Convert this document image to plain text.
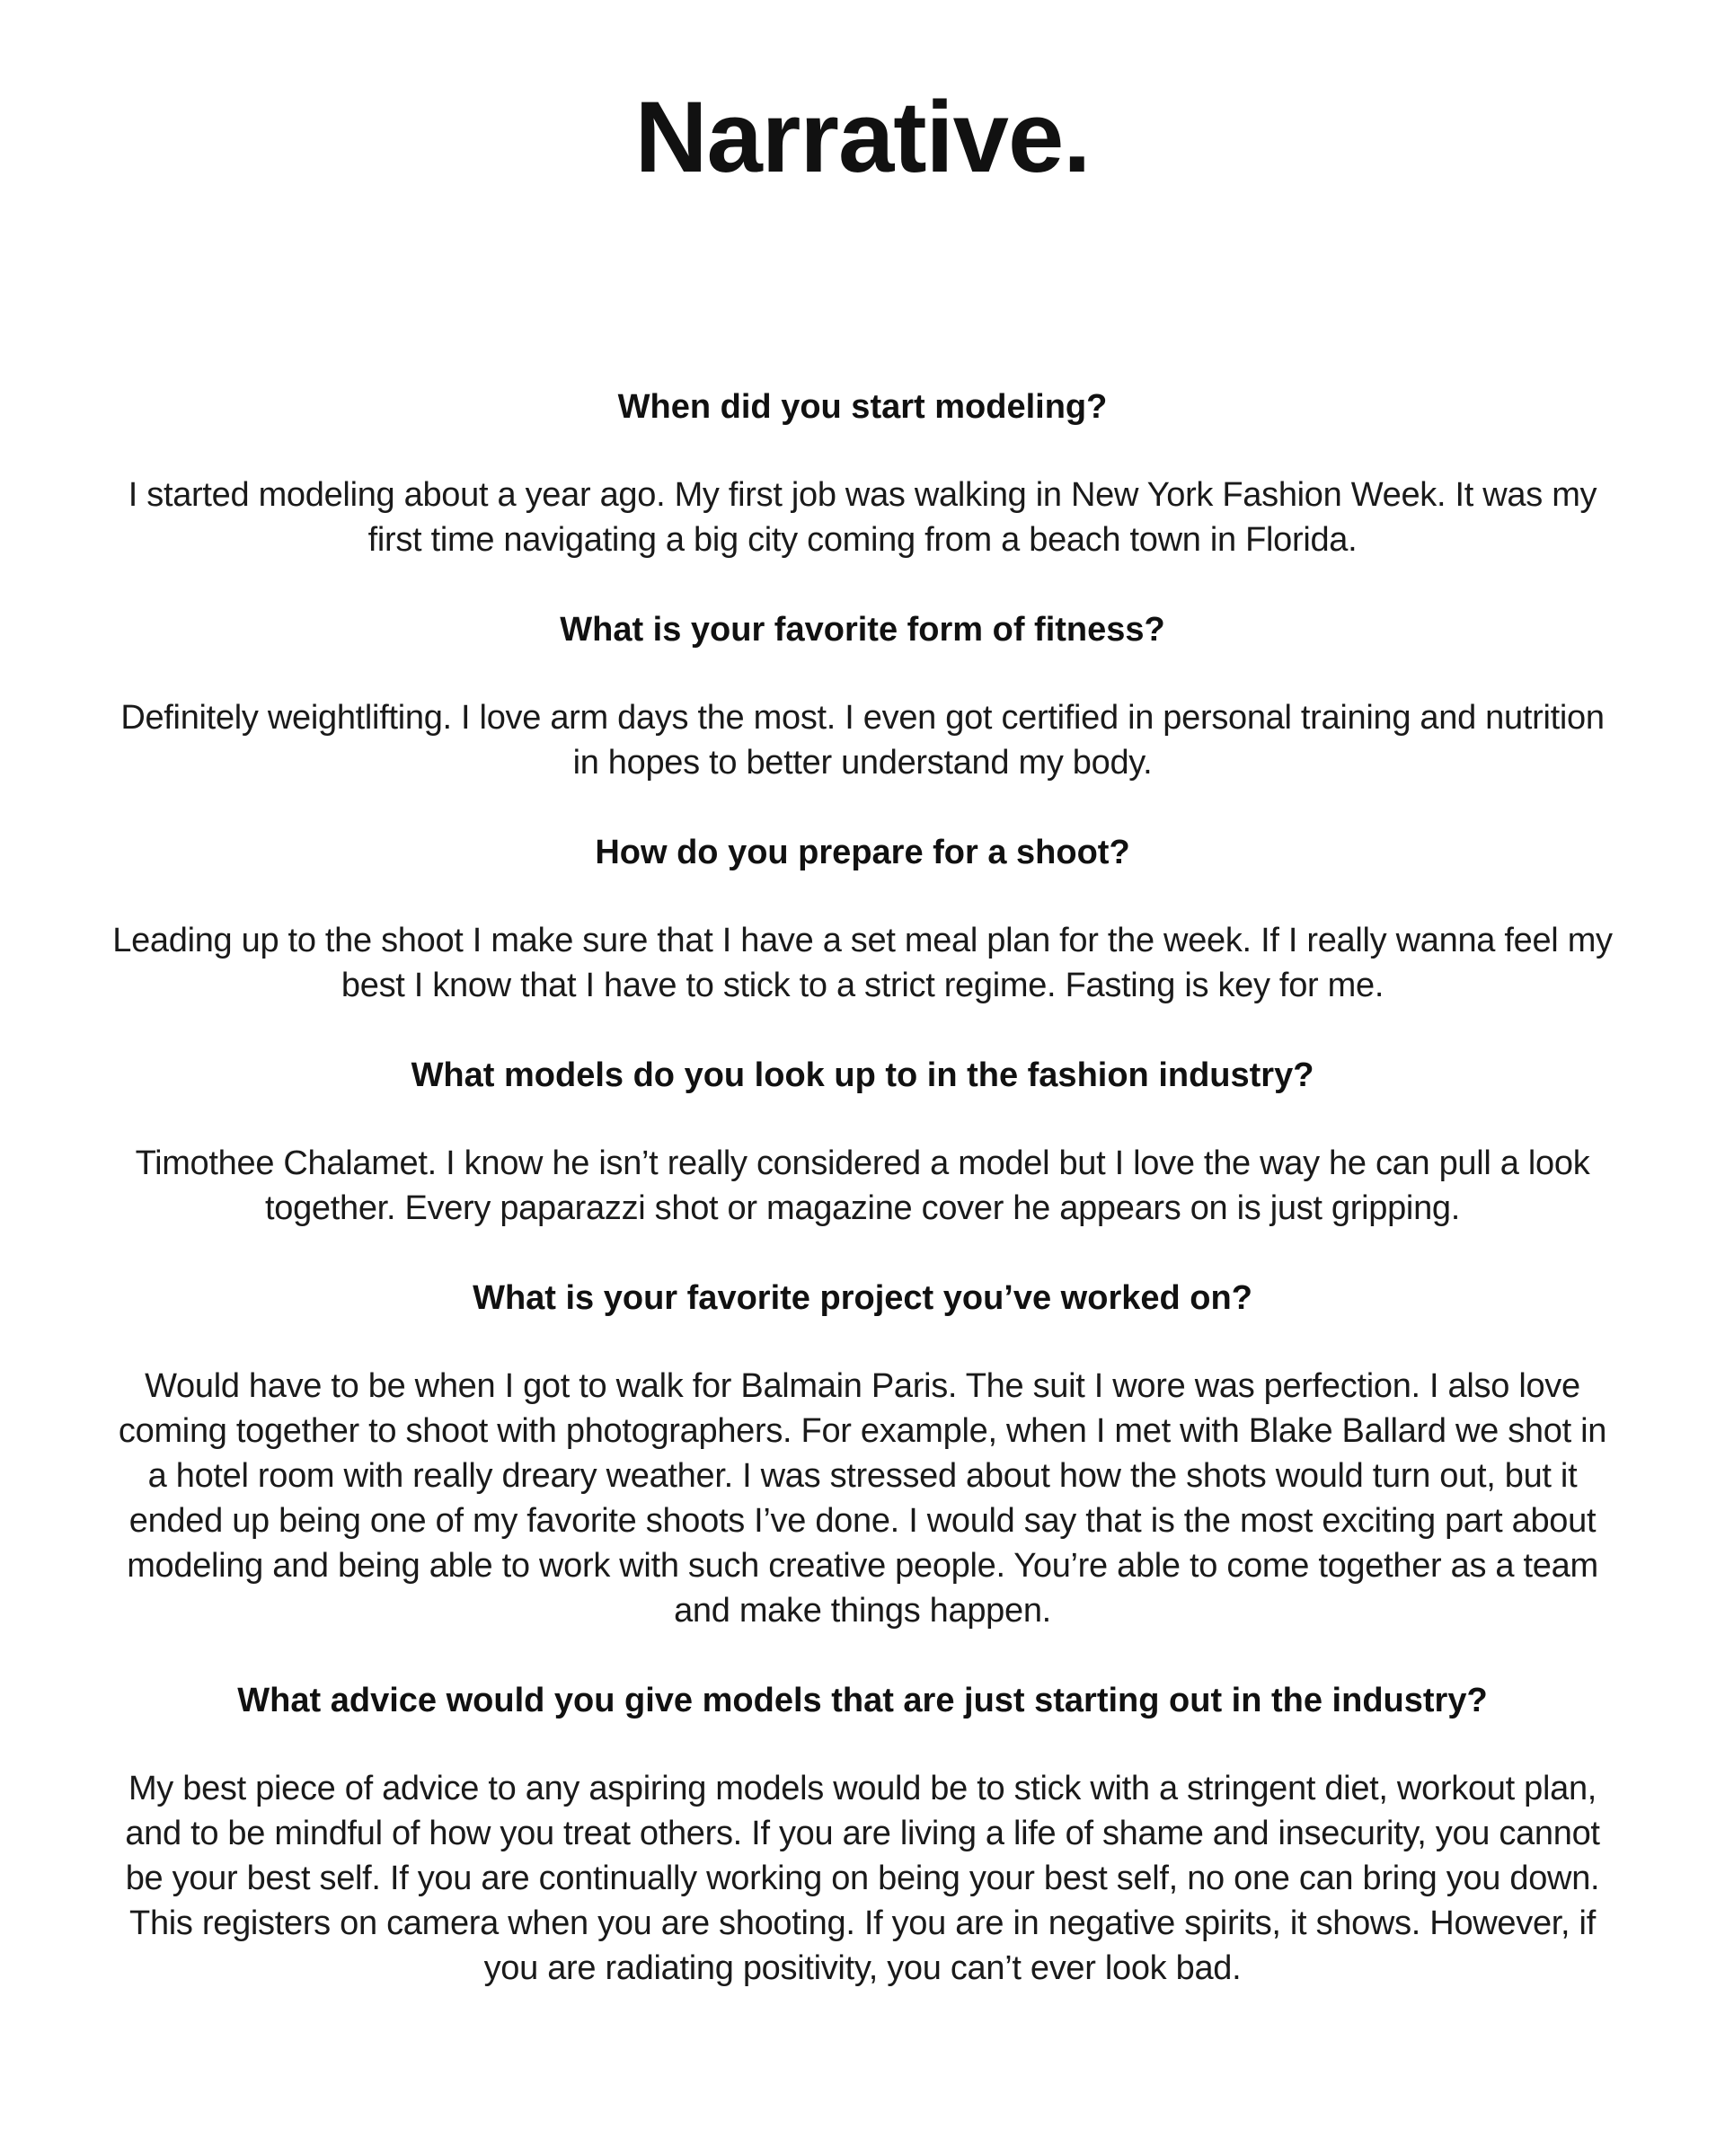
Narrative.

When did you start modeling?

I started modeling about a year ago. My first job was walking in New York Fashion Week. It was my first time navigating a big city coming from a beach town in Florida.

What is your favorite form of fitness?

Definitely weightlifting. I love arm days the most. I even got certified in personal training and nutrition in hopes to better understand my body.

How do you prepare for a shoot?

Leading up to the shoot I make sure that I have a set meal plan for the week. If I really wanna feel my best I know that I have to stick to a strict regime. Fasting is key for me.

What models do you look up to in the fashion industry?

Timothee Chalamet. I know he isn’t really considered a model but I love the way he can pull a look together. Every paparazzi shot or magazine cover he appears on is just gripping.

What is your favorite project you’ve worked on?

Would have to be when I got to walk for Balmain Paris. The suit I wore was perfection. I also love coming together to shoot with photographers. For example, when I met with Blake Ballard we shot in a hotel room with really dreary weather. I was stressed about how the shots would turn out, but it ended up being one of my favorite shoots I’ve done. I would say that is the most exciting part about modeling and being able to work with such creative people. You’re able to come together as a team and make things happen.

What advice would you give models that are just starting out in the industry?

My best piece of advice to any aspiring models would be to stick with a stringent diet, workout plan, and to be mindful of how you treat others. If you are living a life of shame and insecurity, you cannot be your best self. If you are continually working on being your best self, no one can bring you down. This registers on camera when you are shooting. If you are in negative spirits, it shows. However, if you are radiating positivity, you can’t ever look bad.
